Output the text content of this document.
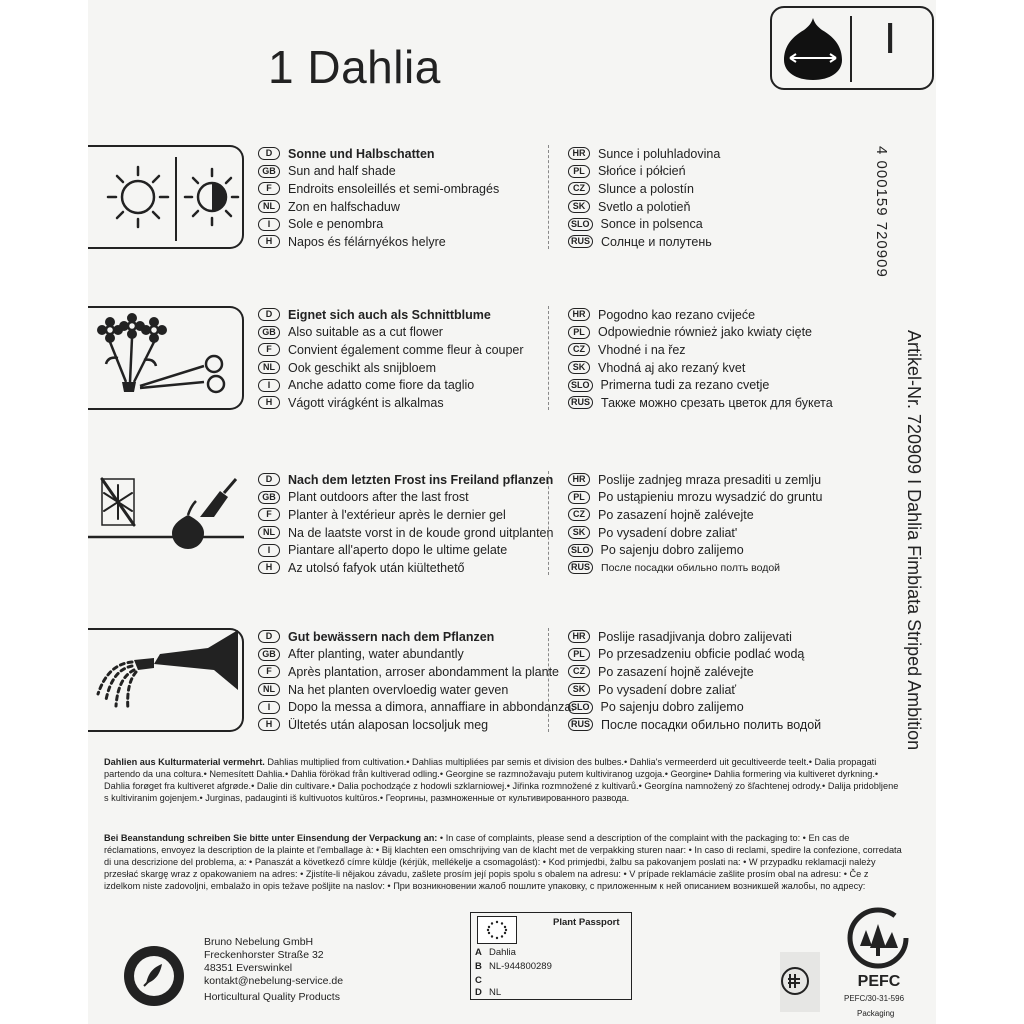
1 Dahlia
I
4 000159 720909
Artikel-Nr. 720909 I Dahlia Fimbiata Striped Ambition
D	Sonne und Halbschatten
GB Sun and half shade
F	Endroits ensoleillés et semi-ombragés
NL	Zon en halfschaduw
I	Sole e penombra
H	Napos és félárnyékos helyre
HR	Sunce i poluhladovina
PL	Słońce i półcień
CZ	Slunce a polostín
SK	Svetlo a polotieň
SLO Sonce in polsenca
RUS Солнце и полутень
D	Eignet sich auch als Schnittblume
GB Also suitable as a cut flower
F	Convient également comme fleur à couper
NL	Ook geschikt als snijbloem
I	Anche adatto come fiore da taglio
H	Vágott virágként is alkalmas
HR	Pogodno kao rezano cvijeće
PL	Odpowiednie również jako kwiaty cięte
CZ	Vhodné i na řez
SK	Vhodná aj ako rezaný kvet
SLO Primerna tudi za rezano cvetje
RUS Также можно срезать цветок для букета
D	Nach dem letzten Frost ins Freiland pflanzen
GB Plant outdoors after the last frost
F	Planter à l'extérieur après le dernier gel
NL	Na de laatste vorst in de koude grond uitplanten
I	Piantare all'aperto dopo le ultime gelate
H	Az utolsó fafyok után kiültethető
HR	Poslije zadnjeg mraza presaditi u zemlju
PL	Po ustąpieniu mrozu wysadzić do gruntu
CZ	Po zasazení hojně zalévejte
SK	Po vysadení dobre zaliat'
SLO Po sajenju dobro zalijemo
RUS После посадки обильно полть водой
D	Gut bewässern nach dem Pflanzen
GB After planting, water abundantly
F	Après plantation, arroser abondamment la plante
NL	Na het planten overvloedig water geven
I	Dopo la messa a dimora, annaffiare in abbondanza.
H	Ültetés után alaposan locsoljuk meg
HR	Poslije rasadjivanja dobro zalijevati
PL	Po przesadzeniu obficie podlać wodą
CZ	Po zasazení hojně zalévejte
SK	Po vysadení dobre zaliať
SLO Po sajenju dobro zalijemo
RUS После посадки обильно полить водой
Dahlien aus Kulturmaterial vermehrt. Dahlias multiplied from cultivation.• Dahlias multipliées par semis et division des bulbes.• Dahlia's vermeerderd uit gecultiveerde teelt.• Dalia propagati partendo da una coltura.• Nemesített Dahlia.• Dahlia förökad från kultiverad odling.• Georgine se razmnožavaju putem kultiviranog uzgoja.• Georgine• Dahlia formering via kultiveret dyrkning.• Dahlia forøget fra kultiveret afgrøde.• Dalie din cultivare.• Dalia pochodząće z hodowli szklarniowej.• Jiřinka rozmnožené z kultivarů.• Georgína namnožený zo šľachtenej odrody.• Dalija pridobljene s kultiviranim gojenjem.• Jurginas, padauginti iš kultivuotos kultūros.• Георгины, размноженные от культивированного развода.
Bei Beanstandung schreiben Sie bitte unter Einsendung der Verpackung an: • In case of complaints, please send a description of the complaint with the packaging to: • En cas de réclamations, envoyez la description de la plainte et l'emballage à: • Bij klachten een omschrijving van de klacht met de verpakking sturen naar: • In caso di reclami, spedire la confezione, corredata di una descrizione del problema, a: • Panaszát a következő címre küldje (kérjük, mellékelje a csomagolást): • Kod primjedbi, žalbu sa pakovanjem poslati na: • W przypadku reklamacji należy przesłać skargę wraz z opakowaniem na adres: • Zjistíte-li nějakou závadu, zašlete prosím její popis spolu s obalem na adresu: • V prípade reklamácie zašlite prosím obal na adresu: • Če z izdelkom niste zadovoljni, embalažo in opis težave pošljite na naslov: • При возникновении жалоб пошлите упаковку, с приложенным к ней описанием возникшей жалобы, по адресу:
Bruno Nebelung GmbH
Freckenhorster Straße 32
48351 Everswinkel
kontakt@nebelung-service.de
Horticultural Quality Products
Plant Passport
A Dahlia
B NL-944800289
C
D NL
PEFC
PEFC/30-31-596
Packaging
